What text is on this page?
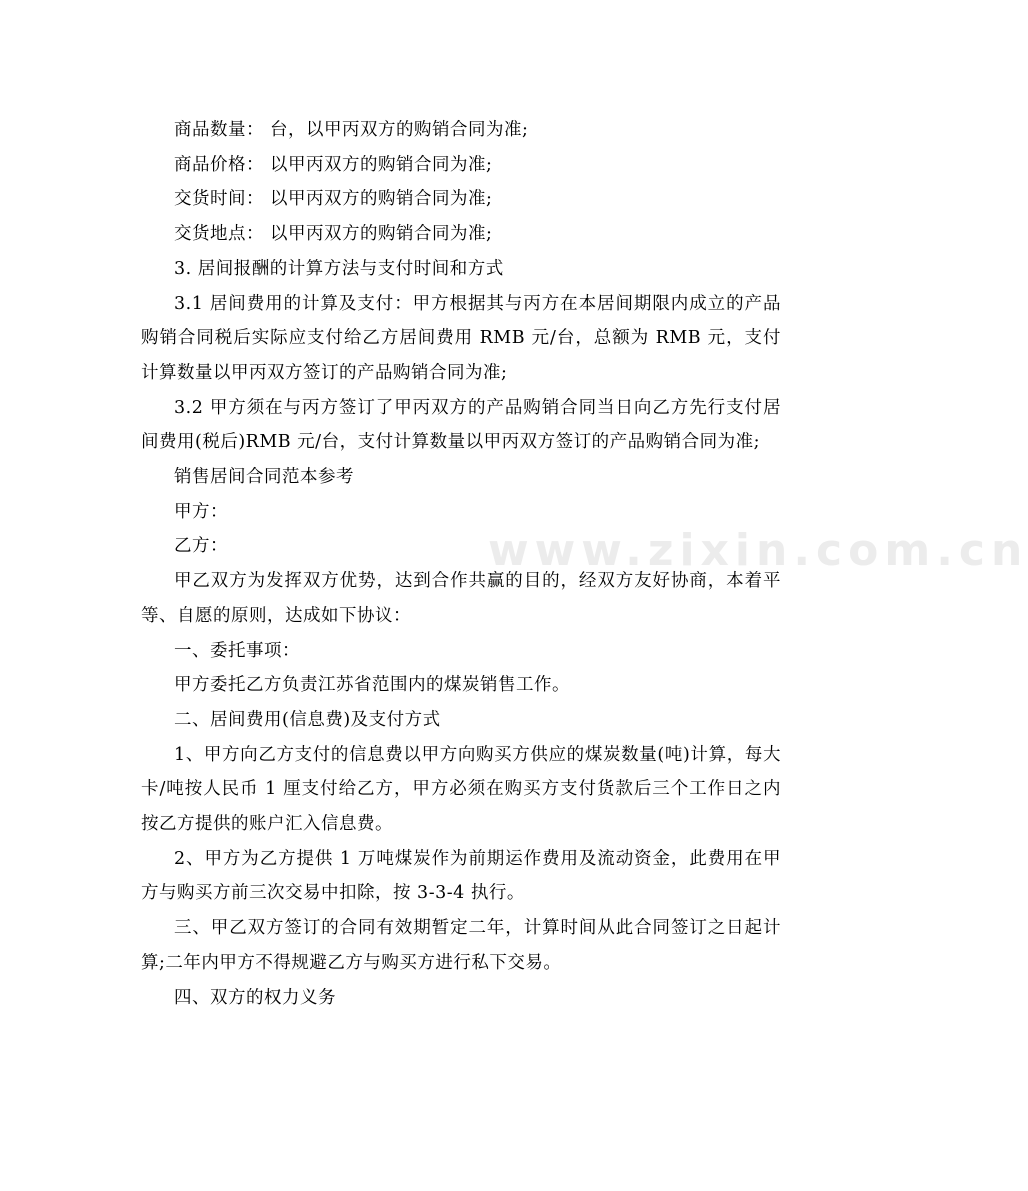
www.zixin.com.cn

商品数量： 台，以甲丙双方的购销合同为准;

商品价格： 以甲丙双方的购销合同为准;

交货时间： 以甲丙双方的购销合同为准;

交货地点： 以甲丙双方的购销合同为准;

3. 居间报酬的计算方法与支付时间和方式

3.1 居间费用的计算及支付：甲方根据其与丙方在本居间期限内成立的产品购销合同税后实际应支付给乙方居间费用 RMB 元/台，总额为 RMB 元，支付计算数量以甲丙双方签订的产品购销合同为准;

3.2 甲方须在与丙方签订了甲丙双方的产品购销合同当日向乙方先行支付居间费用(税后)RMB 元/台，支付计算数量以甲丙双方签订的产品购销合同为准;

销售居间合同范本参考

甲方：

乙方：

甲乙双方为发挥双方优势，达到合作共赢的目的，经双方友好协商，本着平等、自愿的原则，达成如下协议：

一、委托事项：

甲方委托乙方负责江苏省范围内的煤炭销售工作。

二、居间费用(信息费)及支付方式

1、甲方向乙方支付的信息费以甲方向购买方供应的煤炭数量(吨)计算，每大卡/吨按人民币 1 厘支付给乙方，甲方必须在购买方支付货款后三个工作日之内按乙方提供的账户汇入信息费。

2、甲方为乙方提供 1 万吨煤炭作为前期运作费用及流动资金，此费用在甲方与购买方前三次交易中扣除，按 3-3-4 执行。

三、甲乙双方签订的合同有效期暂定二年，计算时间从此合同签订之日起计算;二年内甲方不得规避乙方与购买方进行私下交易。

四、双方的权力义务
